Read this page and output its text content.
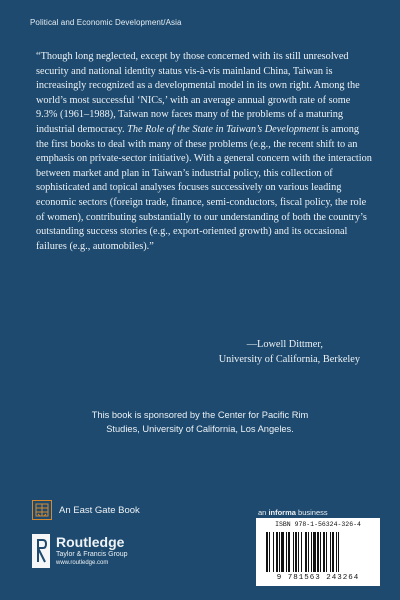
Political and Economic Development/Asia

“Though long neglected, except by those concerned with its still unresolved security and national identity status vis-à-vis mainland China, Taiwan is increasingly recognized as a developmental model in its own right. Among the world’s most successful ‘NICs,’ with an average annual growth rate of some 9.3% (1961–1988), Taiwan now faces many of the problems of a maturing industrial democracy. The Role of the State in Taiwan’s Development is among the first books to deal with many of these problems (e.g., the recent shift to an emphasis on private-sector initiative). With a general concern with the interaction between market and plan in Taiwan’s industrial policy, this collection of sophisticated and topical analyses focuses successively on various leading economic sectors (foreign trade, finance, semi-conductors, fiscal policy, the role of women), contributing substantially to our understanding of both the country’s outstanding success stories (e.g., export-oriented growth) and its occasional failures (e.g., automobiles).”

—Lowell Dittmer,
University of California, Berkeley
This book is sponsored by the Center for Pacific Rim
Studies, University of California, Los Angeles.
An East Gate Book
Routledge
Taylor & Francis Group
www.routledge.com
an informa business
ISBN 978-1-56324-326-4
9 781563 243264
